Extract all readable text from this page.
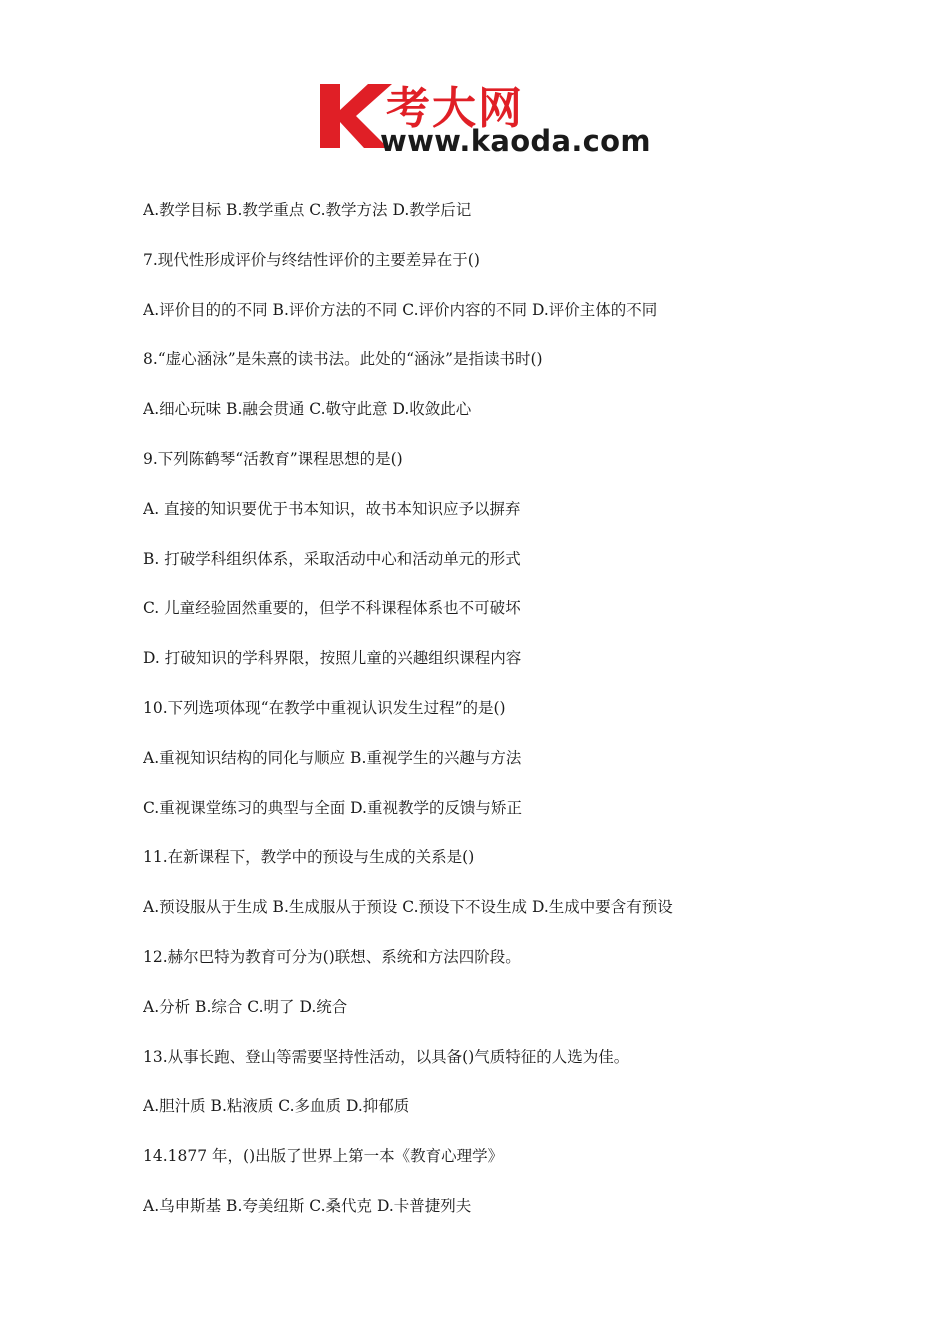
考大网
www.kaoda.com
A.教学目标 B.教学重点 C.教学方法 D.教学后记
7.现代性形成评价与终结性评价的主要差异在于()
A.评价目的的不同 B.评价方法的不同 C.评价内容的不同 D.评价主体的不同
8.“虚心涵泳”是朱熹的读书法。此处的“涵泳”是指读书时()
A.细心玩味 B.融会贯通 C.敬守此意 D.收敛此心
9.下列陈鹤琴“活教育”课程思想的是()
A. 直接的知识要优于书本知识，故书本知识应予以摒弃
B. 打破学科组织体系，采取活动中心和活动单元的形式
C. 儿童经验固然重要的，但学不科课程体系也不可破坏
D. 打破知识的学科界限，按照儿童的兴趣组织课程内容
10.下列选项体现“在教学中重视认识发生过程”的是()
A.重视知识结构的同化与顺应 B.重视学生的兴趣与方法
C.重视课堂练习的典型与全面 D.重视教学的反馈与矫正
11.在新课程下，教学中的预设与生成的关系是()
A.预设服从于生成 B.生成服从于预设 C.预设下不设生成 D.生成中要含有预设
12.赫尔巴特为教育可分为()联想、系统和方法四阶段。
A.分析 B.综合 C.明了 D.统合
13.从事长跑、登山等需要坚持性活动，以具备()气质特征的人选为佳。
A.胆汁质 B.粘液质 C.多血质 D.抑郁质
14.1877 年，()出版了世界上第一本《教育心理学》
A.乌申斯基 B.夸美纽斯 C.桑代克 D.卡普捷列夫
